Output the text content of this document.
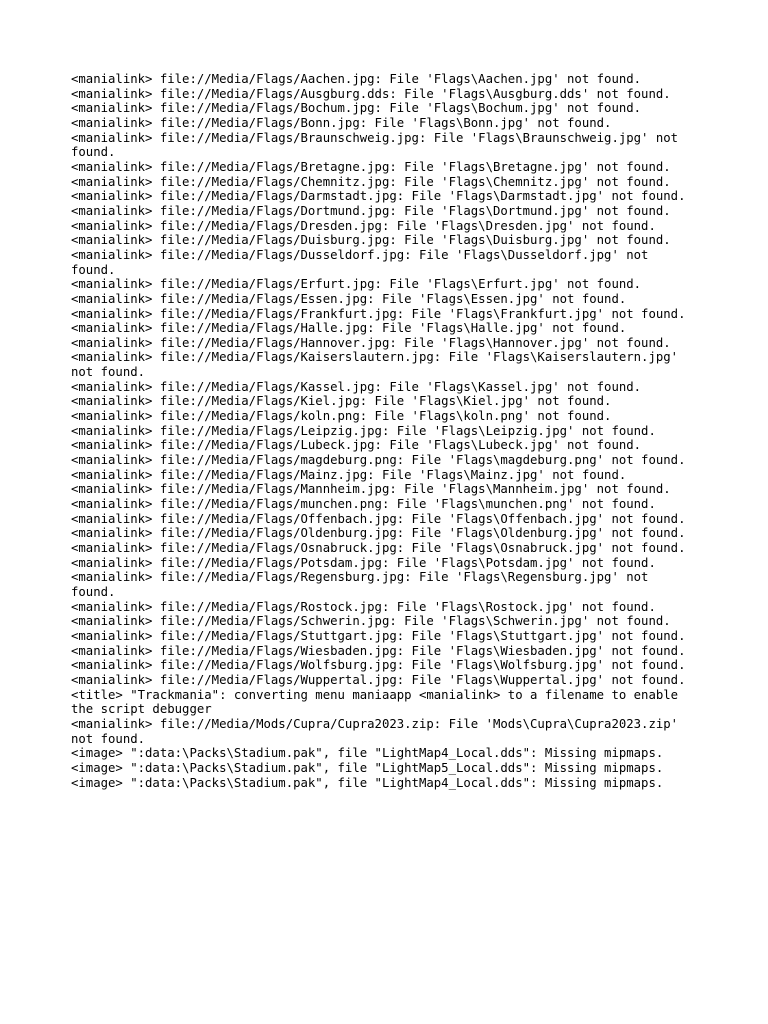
<manialink> file://Media/Flags/Aachen.jpg: File 'Flags\Aachen.jpg' not found.
<manialink> file://Media/Flags/Ausgburg.dds: File 'Flags\Ausgburg.dds' not found.
<manialink> file://Media/Flags/Bochum.jpg: File 'Flags\Bochum.jpg' not found.
<manialink> file://Media/Flags/Bonn.jpg: File 'Flags\Bonn.jpg' not found.
<manialink> file://Media/Flags/Braunschweig.jpg: File 'Flags\Braunschweig.jpg' not
found.
<manialink> file://Media/Flags/Bretagne.jpg: File 'Flags\Bretagne.jpg' not found.
<manialink> file://Media/Flags/Chemnitz.jpg: File 'Flags\Chemnitz.jpg' not found.
<manialink> file://Media/Flags/Darmstadt.jpg: File 'Flags\Darmstadt.jpg' not found.
<manialink> file://Media/Flags/Dortmund.jpg: File 'Flags\Dortmund.jpg' not found.
<manialink> file://Media/Flags/Dresden.jpg: File 'Flags\Dresden.jpg' not found.
<manialink> file://Media/Flags/Duisburg.jpg: File 'Flags\Duisburg.jpg' not found.
<manialink> file://Media/Flags/Dusseldorf.jpg: File 'Flags\Dusseldorf.jpg' not
found.
<manialink> file://Media/Flags/Erfurt.jpg: File 'Flags\Erfurt.jpg' not found.
<manialink> file://Media/Flags/Essen.jpg: File 'Flags\Essen.jpg' not found.
<manialink> file://Media/Flags/Frankfurt.jpg: File 'Flags\Frankfurt.jpg' not found.
<manialink> file://Media/Flags/Halle.jpg: File 'Flags\Halle.jpg' not found.
<manialink> file://Media/Flags/Hannover.jpg: File 'Flags\Hannover.jpg' not found.
<manialink> file://Media/Flags/Kaiserslautern.jpg: File 'Flags\Kaiserslautern.jpg'
not found.
<manialink> file://Media/Flags/Kassel.jpg: File 'Flags\Kassel.jpg' not found.
<manialink> file://Media/Flags/Kiel.jpg: File 'Flags\Kiel.jpg' not found.
<manialink> file://Media/Flags/koln.png: File 'Flags\koln.png' not found.
<manialink> file://Media/Flags/Leipzig.jpg: File 'Flags\Leipzig.jpg' not found.
<manialink> file://Media/Flags/Lubeck.jpg: File 'Flags\Lubeck.jpg' not found.
<manialink> file://Media/Flags/magdeburg.png: File 'Flags\magdeburg.png' not found.
<manialink> file://Media/Flags/Mainz.jpg: File 'Flags\Mainz.jpg' not found.
<manialink> file://Media/Flags/Mannheim.jpg: File 'Flags\Mannheim.jpg' not found.
<manialink> file://Media/Flags/munchen.png: File 'Flags\munchen.png' not found.
<manialink> file://Media/Flags/Offenbach.jpg: File 'Flags\Offenbach.jpg' not found.
<manialink> file://Media/Flags/Oldenburg.jpg: File 'Flags\Oldenburg.jpg' not found.
<manialink> file://Media/Flags/Osnabruck.jpg: File 'Flags\Osnabruck.jpg' not found.
<manialink> file://Media/Flags/Potsdam.jpg: File 'Flags\Potsdam.jpg' not found.
<manialink> file://Media/Flags/Regensburg.jpg: File 'Flags\Regensburg.jpg' not
found.
<manialink> file://Media/Flags/Rostock.jpg: File 'Flags\Rostock.jpg' not found.
<manialink> file://Media/Flags/Schwerin.jpg: File 'Flags\Schwerin.jpg' not found.
<manialink> file://Media/Flags/Stuttgart.jpg: File 'Flags\Stuttgart.jpg' not found.
<manialink> file://Media/Flags/Wiesbaden.jpg: File 'Flags\Wiesbaden.jpg' not found.
<manialink> file://Media/Flags/Wolfsburg.jpg: File 'Flags\Wolfsburg.jpg' not found.
<manialink> file://Media/Flags/Wuppertal.jpg: File 'Flags\Wuppertal.jpg' not found.
<title> "Trackmania": converting menu maniaapp <manialink> to a filename to enable
the script debugger
<manialink> file://Media/Mods/Cupra/Cupra2023.zip: File 'Mods\Cupra\Cupra2023.zip'
not found.
<image> ":data:\Packs\Stadium.pak", file "LightMap4_Local.dds": Missing mipmaps.
<image> ":data:\Packs\Stadium.pak", file "LightMap5_Local.dds": Missing mipmaps.
<image> ":data:\Packs\Stadium.pak", file "LightMap4_Local.dds": Missing mipmaps.
